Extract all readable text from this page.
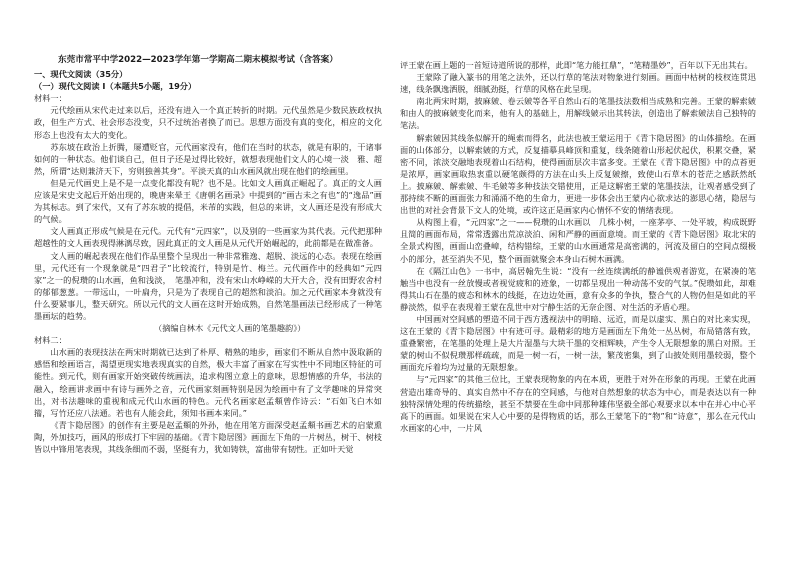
东莞市常平中学2022—2023学年第一学期高二期末模拟考试（含答案）

一、现代文阅读（35分）

（一）现代文阅读 I（本题共5小题，19分）

材料一：

元代绘画从宋代走过来以后，还没有进入一个真正转折的时期。元代虽然是少数民族政权执政，但生产方式、社会形态没变，只不过统治者换了而已。思想方面没有真的变化，相应的文化形态上也没有太大的变化。

苏东坡在政治上折腾，屡遭贬官，元代画家没有，他们在当时的状态，就是有职的，干诸事如何的一种状态。他们谈自己，但日子还是过得比较好，就想表现他们文人的心境一淡　雅、超然，所谓“达则兼济天下，穷则独善其身”。平淡天真的山水画风就出现在他们的绘画里。

但是元代画史上是不是一点变化都没有呢？也不是。比如文人画真正崛起了。真正的文人画应该是宋史文起后开始出现的，晚唐来晕王《唐朝名画录》中提到的“画古未之有也”的“逸品”画为其标志。到了宋代，又有了苏东坡的提倡，米芾的实践，但总的来讲，文人画还是没有形成大的气候。

文人画真正形成气候是在元代。元代有“元四家”，以及别的一些画家为其代表。元代把那种超越性的文人画表现得淋漓尽致，因此真正的文人画是从元代开始崛起的，此前都是在做准备。

文人画的崛起表现在他们作品里整个呈现出一种非常雅逸、超脱、淡远的心态。表现在绘画里，元代还有一个现象就是“四君子”比较流行，特别是竹、梅兰。元代画作中的经典如“元四家”之一的倪瓒的山水画，鱼和浅淡，　笔墨冲和，没有宋山水峥嵘的大开大合，没有田野农舍村的郁郁葱葱。一带远山，一叶扁舟，只是为了表现自己的超然和淡泊。加之元代画家本身就没有什么要紧事儿，整天研究。所以元代的文人画在这时开始成熟，自然笔墨画法已经形成了一种笔墨画坛的趋势。

（摘编自林木《元代文人画的笔墨趣韵》）

材料二：

山水画的表现技法在两宋时期就已达到了朴厚、精熟的地步，画家们不断从自然中汲取新的感悟和绘画语言，渴望更现实地表现真实的自然，极大丰富了画家在写实性中不同地区特征的可能性。到元代，则有画家开始突破传统画法，追求构图立意上的意味，思想情感的升华，书法的融入，绘画讲求画中有诗与画外之音，元代画家刻画特别是因为绘画中有了文学趣味的异常突出，对书法趣味的重视和成元代山水画的特色。元代名画家赵孟頫曾作诗云：“石如飞白木如籀，写竹还应八法通。若也有人能会此，须知书画本来同。”

《青卞隐居图》的创作有主要是赵孟頫的外孙，他在用笔方面深受赵孟頫书画艺术的启蒙熏陶，外加技巧，画风的形成打下牢固的基础。《青卞隐居图》画面左下角的一片树丛，树干、树枝皆以中锋用笔表现，其线条细而不弱，坚挺有力，犹如铸铁，富曲带有韧性。正如叶天觉

评王蒙在画上题的一首短诗道所说的那样，此即“笔力能扛鼎”，“笔精墨妙”，百年以下无出其右。

王蒙除了融入篆书的用笔之法外，还以行草的笔法对物象进行刻画。画面中枯树的枝杈连贯迅速，线条飘逸洒脱，细腻劲挺，行草的风格在此呈现。

南北两宋时期，披麻皴、卷云皴等各平自然山石的笔墨技法数相当成熟和完善。王蒙的解索皴和由人的披麻皴变化而来，他有人的基础上，用解线皴示出其转法，创造出了解索皴法自己独特的笔法。

解索皴因其线条似解开的绳索而得名，此法也被王蒙运用于《青卞隐居图》的山体描绘。在画面的山体部分，以解索皴的方式，反复描摹具峰顶和重复，线条随着山形起伏起伏，积累交叠，紧密不同，浓淡交融地表现着山石结构，使得画面层次丰富多变。王蒙在《青卞隐居图》中的点苔更是浓厚，画家画取热衷重以硬笔颇得的方法在山头上反复皴擦，致使山石草木的苍茫之感跃然纸上。披麻皴、解索皴、牛毛皴等多种技法交错使用，正是这解密王蒙的笔墨技法，让观者感受到了那持续不断的画面张力和涌涌不绝的生命力，更进一步体会出王蒙内心欲求达的澎思心绪，隐居与出世的对社会背景下文人的处境，或许这正是画家内心情怀不安的情绪表现。

从构图上看，“元四家”之一——倪瓒的山水画以　几株小树，一座茅亭、一处平坡，构成既野且简的画面布局，常常透露出荒凉淡泊、闲和严静的画面意境。而王蒙的《青卞隐居图》取北宋的全景式构图，画面山峦叠嶂，结构错综，王蒙的山水画通常是高密满的，河流及留白的空间点缀极小的部分，甚至消失不见，整个画面就聚会本身山石树木画满。

在《隔江山色》一书中，高居翰先生说：“没有一丝连续满纸的静谧供观者游览，在紧凑的笔触当中也没有一丝放慢或者视觉疲和的迹象，一切都呈现出一种动荡不安的气氛。”倪瓒如此，却难得其山石在墨的疲态和林木的线挺，在边边处画，意有众多的争执，整合气的人物仍但是如此的平静淡然，似乎在表现着王蒙在乱世中对宁静生活的无奈企图、对生活的矛盾心理。

中国画对空间感的塑造不同于西方透视法中的明暗、远近，而是以虚实、黑白的对比来实现，这在王蒙的《青卞隐居图》中有迹可寻。最精彩的地方是画面左下角处一丛丛树，布局错落有致，重叠繁密，在笔墨的处理上是大片湿墨与大块干墨的交相辉映，产生令人无限想象的黑白对照。王蒙的树山不似倪瓒那样疏疏，而是一树一石，一树一法，繁茂密集，到了山披处则用墨较弱，整个画面充斥着均为过量的无限想象。

与“元四家”的其他三位比，王蒙表现物象的内在本质，更胜于对外在形象的再现。王蒙在此画营造出雄奇导的、真实自然中不存在的空间感，与他对自然想象的状态为中心，而是表达以有一种独特深情处理的传统描绘，甚至不禁要在生命中同那种雄伟坚毅全部心观要求以本中在并心中心平高下的画面。如果说在宋人心中要的是得物质的话，那么王蒙笔下的“物”和“诗意”，那么在元代山水画家的心中，一片风
